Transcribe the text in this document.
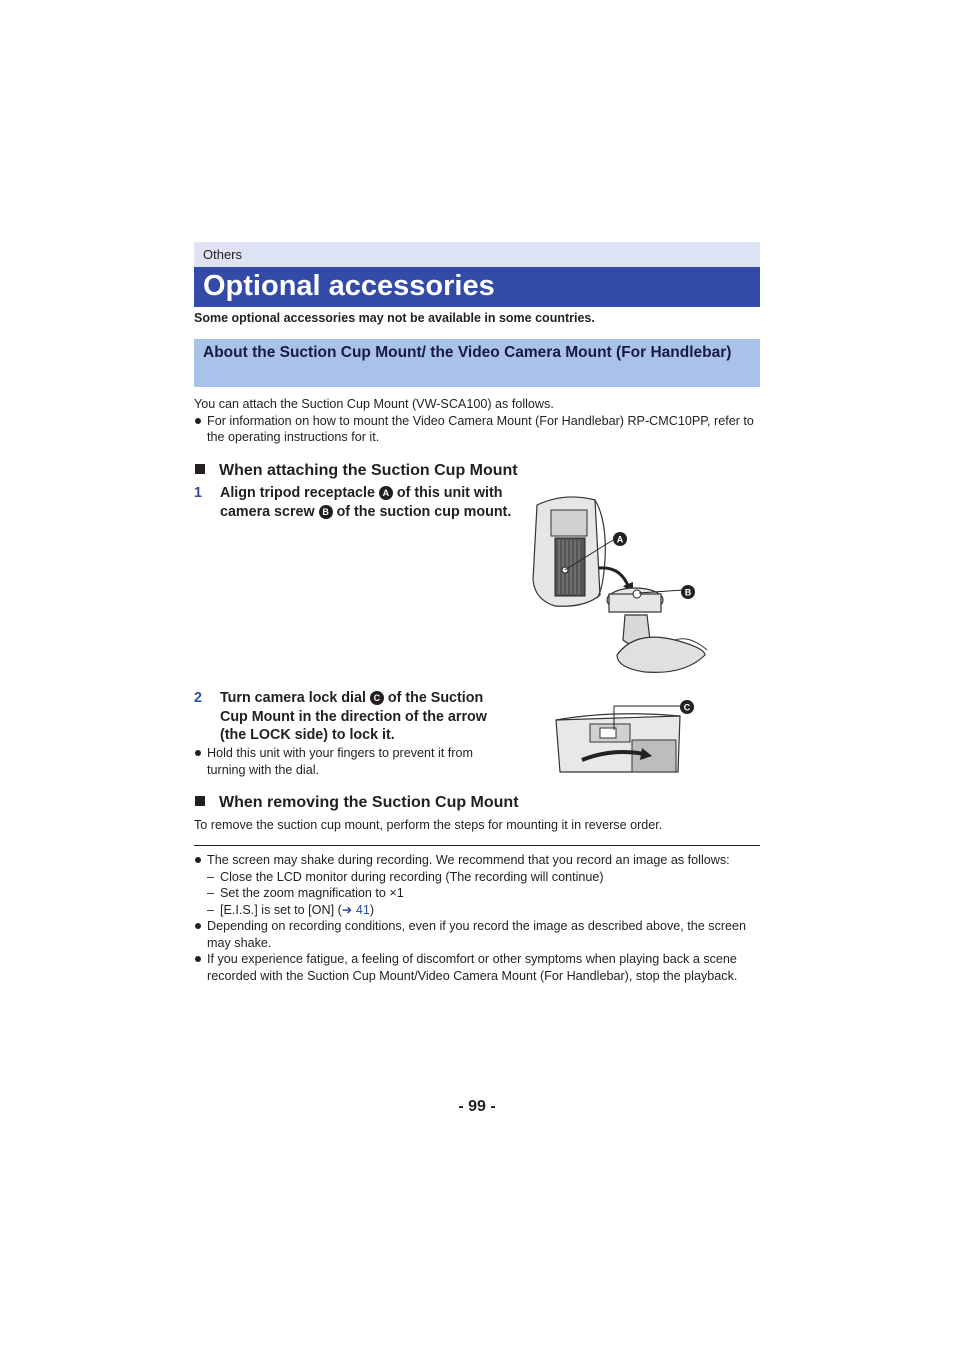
Others
Optional accessories
Some optional accessories may not be available in some countries.
About the Suction Cup Mount/ the Video Camera Mount (For Handlebar)
You can attach the Suction Cup Mount (VW-SCA100) as follows.
For information on how to mount the Video Camera Mount (For Handlebar) RP-CMC10PP, refer to the operating instructions for it.
When attaching the Suction Cup Mount
1 Align tripod receptacle A of this unit with camera screw B of the suction cup mount.
A
B
2 Turn camera lock dial C of the Suction Cup Mount in the direction of the arrow (the LOCK side) to lock it.
Hold this unit with your fingers to prevent it from turning with the dial.
C
When removing the Suction Cup Mount
To remove the suction cup mount, perform the steps for mounting it in reverse order.
The screen may shake during recording. We recommend that you record an image as follows:
– Close the LCD monitor during recording (The recording will continue)
– Set the zoom magnification to ×1
– [E.I.S.] is set to [ON] (➜ 41)
Depending on recording conditions, even if you record the image as described above, the screen may shake.
If you experience fatigue, a feeling of discomfort or other symptoms when playing back a scene recorded with the Suction Cup Mount/Video Camera Mount (For Handlebar), stop the playback.
- 99 -
